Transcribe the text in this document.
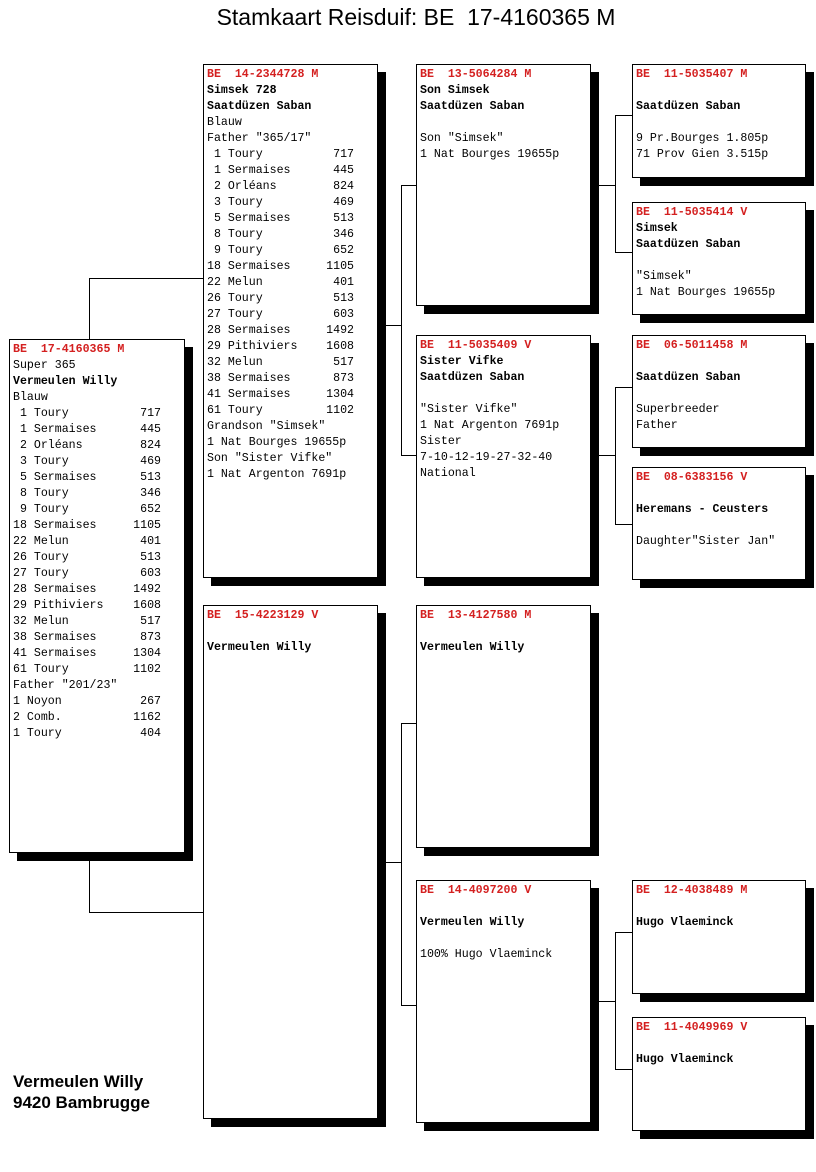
Stamkaart Reisduif: BE  17-4160365 M
BE  17-4160365 M
Super 365
Vermeulen Willy
Blauw
1 Toury	717
1 Sermaises	445
2 Orléans	824
3 Toury	469
5 Sermaises	513
8 Toury	346
9 Toury	652
18 Sermaises	1105
22 Melun	401
26 Toury	513
27 Toury	603
28 Sermaises	1492
29 Pithiviers	1608
32 Melun	517
38 Sermaises	873
41 Sermaises	1304
61 Toury	1102
Father "201/23"
1 Noyon	267
2 Comb.	1162
1 Toury	404
BE  14-2344728 M
Simsek 728
Saatdüzen Saban
Blauw
Father "365/17"
1 Toury	717
1 Sermaises	445
2 Orléans	824
3 Toury	469
5 Sermaises	513
8 Toury	346
9 Toury	652
18 Sermaises	1105
22 Melun	401
26 Toury	513
27 Toury	603
28 Sermaises	1492
29 Pithiviers 1608
32 Melun	517
38 Sermaises	873
41 Sermaises	1304
61 Toury	1102
Grandson "Simsek"
1 Nat Bourges 19655p
Son "Sister Vifke"
1 Nat Argenton 7691p
BE  15-4223129 V
Vermeulen Willy
BE  13-5064284 M
Son Simsek
Saatdüzen Saban
Son "Simsek"
1 Nat Bourges 19655p
BE  11-5035409 V
Sister Vifke
Saatdüzen Saban
"Sister Vifke"
1 Nat Argenton 7691p
Sister
7-10-12-19-27-32-40
National
BE  13-4127580 M
Vermeulen Willy
BE  14-4097200 V
Vermeulen Willy
100% Hugo Vlaeminck
BE  11-5035407 M
Saatdüzen Saban
9 Pr.Bourges 1.805p
71 Prov Gien 3.515p
BE  11-5035414 V
Simsek
Saatdüzen Saban
"Simsek"
1 Nat Bourges 19655p
BE  06-5011458 M
Saatdüzen Saban
Superbreeder
Father
BE  08-6383156 V
Heremans - Ceusters
Daughter"Sister Jan"
BE  12-4038489 M
Hugo Vlaeminck
BE  11-4049969 V
Hugo Vlaeminck
Vermeulen Willy
9420 Bambrugge
